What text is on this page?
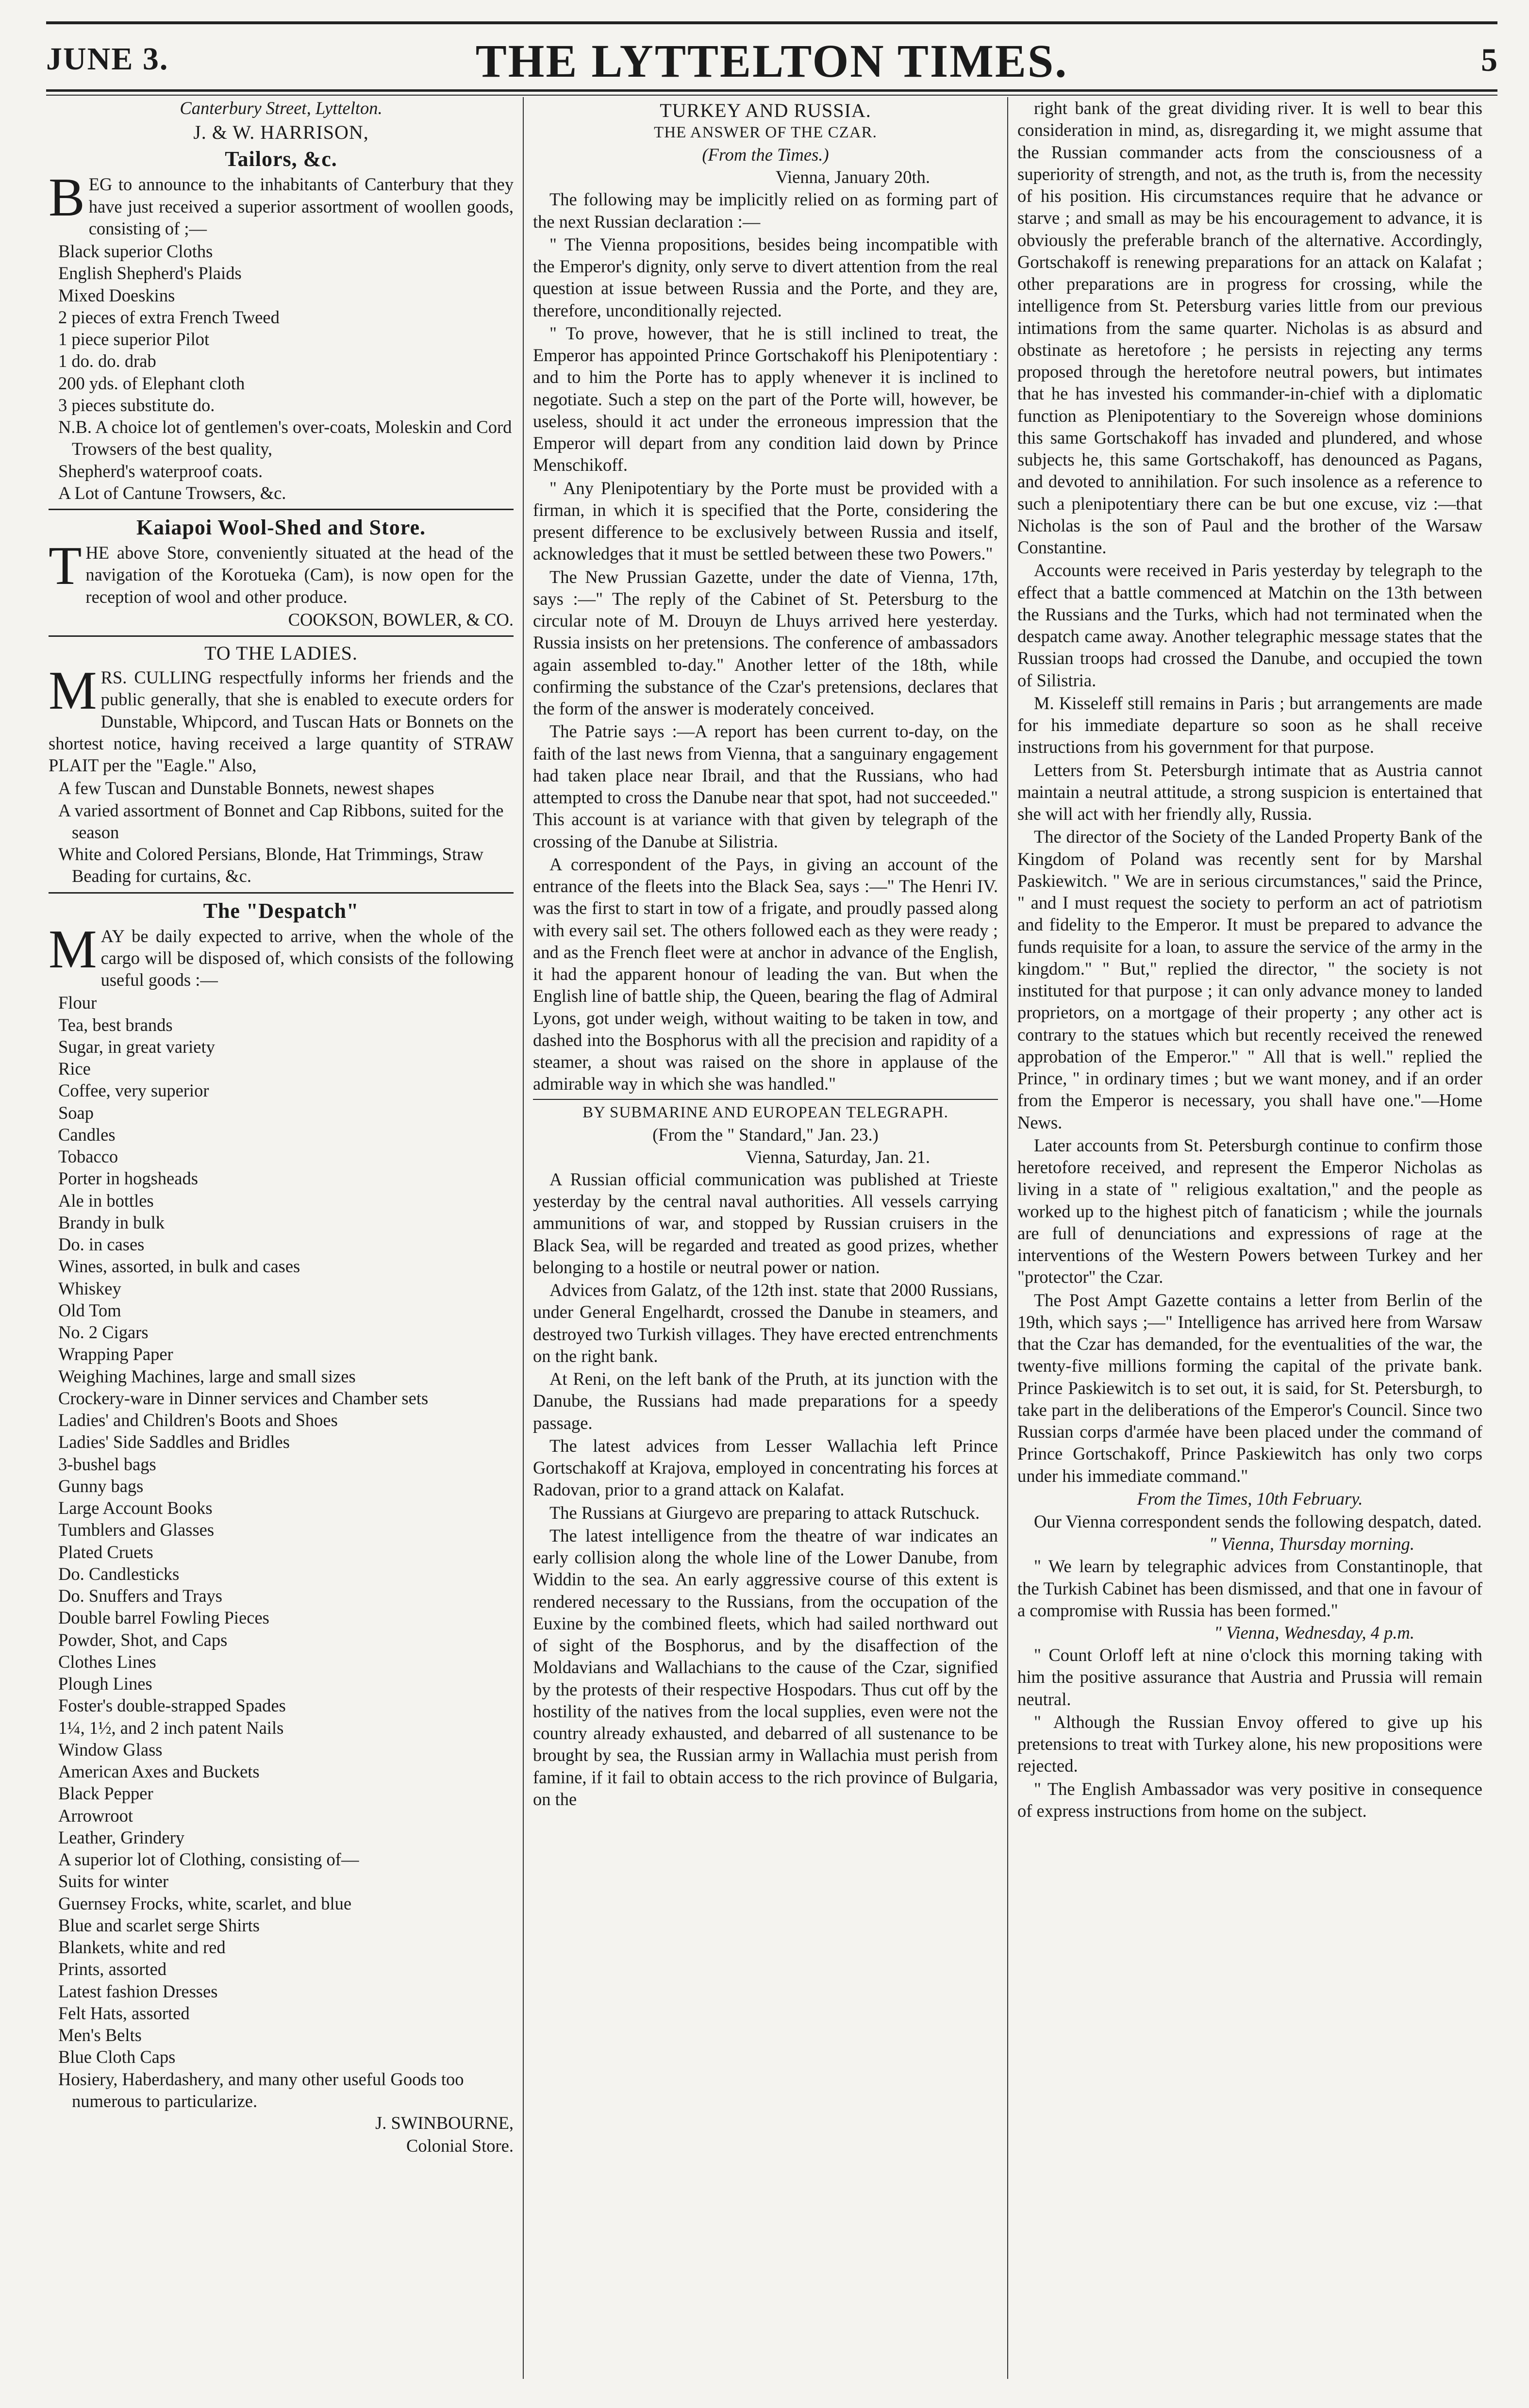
JUNE 3.	THE LYTTELTON TIMES.	5

Canterbury Street, Lyttelton.

J. & W. HARRISON,

Tailors, &c.

BEG to announce to the inhabitants of Canterbury that they have just received a superior assortment of woollen goods, consisting of ;—

Black superior Cloths
English Shepherd's Plaids
Mixed Doeskins
2 pieces of extra French Tweed
1 piece superior Pilot
1 do. do. drab
200 yds. of Elephant cloth
3 pieces substitute do.
N.B. A choice lot of gentlemen's over-coats, Moleskin and Cord Trowsers of the best quality,
Shepherd's waterproof coats.
A Lot of Cantune Trowsers, &c.

Kaiapoi Wool-Shed and Store.

THE above Store, conveniently situated at the head of the navigation of the Korotueka (Cam), is now open for the reception of wool and other produce.

COOKSON, BOWLER, & CO.

TO THE LADIES.

MRS. CULLING respectfully informs her friends and the public generally, that she is enabled to execute orders for Dunstable, Whipcord, and Tuscan Hats or Bonnets on the shortest notice, having received a large quantity of STRAW PLAIT per the "Eagle." Also,

A few Tuscan and Dunstable Bonnets, newest shapes
A varied assortment of Bonnet and Cap Ribbons, suited for the season
White and Colored Persians, Blonde, Hat Trimmings, Straw Beading for curtains, &c.

The "Despatch"

MAY be daily expected to arrive, when the whole of the cargo will be disposed of, which consists of the following useful goods :—

Flour
Tea, best brands
Sugar, in great variety
Rice
Coffee, very superior
Soap
Candles
Tobacco
Porter in hogsheads
Ale in bottles
Brandy in bulk
Do. in cases
Wines, assorted, in bulk and cases
Whiskey
Old Tom
No. 2 Cigars
Wrapping Paper
Weighing Machines, large and small sizes
Crockery-ware in Dinner services and Chamber sets
Ladies' and Children's Boots and Shoes
Ladies' Side Saddles and Bridles
3-bushel bags
Gunny bags
Large Account Books
Tumblers and Glasses
Plated Cruets
Do. Candlesticks
Do. Snuffers and Trays
Double barrel Fowling Pieces
Powder, Shot, and Caps
Clothes Lines
Plough Lines
Foster's double-strapped Spades
1¼, 1½, and 2 inch patent Nails
Window Glass
American Axes and Buckets
Black Pepper
Arrowroot
Leather, Grindery
A superior lot of Clothing, consisting of—
Suits for winter
Guernsey Frocks, white, scarlet, and blue
Blue and scarlet serge Shirts
Blankets, white and red
Prints, assorted
Latest fashion Dresses
Felt Hats, assorted
Men's Belts
Blue Cloth Caps
Hosiery, Haberdashery, and many other useful Goods too numerous to particularize.

J. SWINBOURNE,

Colonial Store.

TURKEY AND RUSSIA.

THE ANSWER OF THE CZAR.

(From the Times.)

Vienna, January 20th.

The following may be implicitly relied on as forming part of the next Russian declaration :—

" The Vienna propositions, besides being incompatible with the Emperor's dignity, only serve to divert attention from the real question at issue between Russia and the Porte, and they are, therefore, unconditionally rejected.

" To prove, however, that he is still inclined to treat, the Emperor has appointed Prince Gortschakoff his Plenipotentiary : and to him the Porte has to apply whenever it is inclined to negotiate. Such a step on the part of the Porte will, however, be useless, should it act under the erroneous impression that the Emperor will depart from any condition laid down by Prince Menschikoff.

" Any Plenipotentiary by the Porte must be provided with a firman, in which it is specified that the Porte, considering the present difference to be exclusively between Russia and itself, acknowledges that it must be settled between these two Powers."

The New Prussian Gazette, under the date of Vienna, 17th, says :—" The reply of the Cabinet of St. Petersburg to the circular note of M. Drouyn de Lhuys arrived here yesterday. Russia insists on her pretensions. The conference of ambassadors again assembled to-day." Another letter of the 18th, while confirming the substance of the Czar's pretensions, declares that the form of the answer is moderately conceived.

The Patrie says :—A report has been current to-day, on the faith of the last news from Vienna, that a sanguinary engagement had taken place near Ibrail, and that the Russians, who had attempted to cross the Danube near that spot, had not succeeded." This account is at variance with that given by telegraph of the crossing of the Danube at Silistria.

A correspondent of the Pays, in giving an account of the entrance of the fleets into the Black Sea, says :—" The Henri IV. was the first to start in tow of a frigate, and proudly passed along with every sail set. The others followed each as they were ready ; and as the French fleet were at anchor in advance of the English, it had the apparent honour of leading the van. But when the English line of battle ship, the Queen, bearing the flag of Admiral Lyons, got under weigh, without waiting to be taken in tow, and dashed into the Bosphorus with all the precision and rapidity of a steamer, a shout was raised on the shore in applause of the admirable way in which she was handled."

BY SUBMARINE AND EUROPEAN TELEGRAPH.

(From the " Standard," Jan. 23.)

Vienna, Saturday, Jan. 21.

A Russian official communication was published at Trieste yesterday by the central naval authorities. All vessels carrying ammunitions of war, and stopped by Russian cruisers in the Black Sea, will be regarded and treated as good prizes, whether belonging to a hostile or neutral power or nation.

Advices from Galatz, of the 12th inst. state that 2000 Russians, under General Engelhardt, crossed the Danube in steamers, and destroyed two Turkish villages. They have erected entrenchments on the right bank.

At Reni, on the left bank of the Pruth, at its junction with the Danube, the Russians had made preparations for a speedy passage.

The latest advices from Lesser Wallachia left Prince Gortschakoff at Krajova, employed in concentrating his forces at Radovan, prior to a grand attack on Kalafat.

The Russians at Giurgevo are preparing to attack Rutschuck.

The latest intelligence from the theatre of war indicates an early collision along the whole line of the Lower Danube, from Widdin to the sea. An early aggressive course of this extent is rendered necessary to the Russians, from the occupation of the Euxine by the combined fleets, which had sailed northward out of sight of the Bosphorus, and by the disaffection of the Moldavians and Wallachians to the cause of the Czar, signified by the protests of their respective Hospodars. Thus cut off by the hostility of the natives from the local supplies, even were not the country already exhausted, and debarred of all sustenance to be brought by sea, the Russian army in Wallachia must perish from famine, if it fail to obtain access to the rich province of Bulgaria, on the

right bank of the great dividing river. It is well to bear this consideration in mind, as, disregarding it, we might assume that the Russian commander acts from the consciousness of a superiority of strength, and not, as the truth is, from the necessity of his position. His circumstances require that he advance or starve ; and small as may be his encouragement to advance, it is obviously the preferable branch of the alternative. Accordingly, Gortschakoff is renewing preparations for an attack on Kalafat ; other preparations are in progress for crossing, while the intelligence from St. Petersburg varies little from our previous intimations from the same quarter. Nicholas is as absurd and obstinate as heretofore ; he persists in rejecting any terms proposed through the heretofore neutral powers, but intimates that he has invested his commander-in-chief with a diplomatic function as Plenipotentiary to the Sovereign whose dominions this same Gortschakoff has invaded and plundered, and whose subjects he, this same Gortschakoff, has denounced as Pagans, and devoted to annihilation. For such insolence as a reference to such a plenipotentiary there can be but one excuse, viz :—that Nicholas is the son of Paul and the brother of the Warsaw Constantine.

Accounts were received in Paris yesterday by telegraph to the effect that a battle commenced at Matchin on the 13th between the Russians and the Turks, which had not terminated when the despatch came away. Another telegraphic message states that the Russian troops had crossed the Danube, and occupied the town of Silistria.

M. Kisseleff still remains in Paris ; but arrangements are made for his immediate departure so soon as he shall receive instructions from his government for that purpose.

Letters from St. Petersburgh intimate that as Austria cannot maintain a neutral attitude, a strong suspicion is entertained that she will act with her friendly ally, Russia.

The director of the Society of the Landed Property Bank of the Kingdom of Poland was recently sent for by Marshal Paskiewitch. " We are in serious circumstances," said the Prince, " and I must request the society to perform an act of patriotism and fidelity to the Emperor. It must be prepared to advance the funds requisite for a loan, to assure the service of the army in the kingdom." " But," replied the director, " the society is not instituted for that purpose ; it can only advance money to landed proprietors, on a mortgage of their property ; any other act is contrary to the statues which but recently received the renewed approbation of the Emperor." " All that is well." replied the Prince, " in ordinary times ; but we want money, and if an order from the Emperor is necessary, you shall have one."—Home News.

Later accounts from St. Petersburgh continue to confirm those heretofore received, and represent the Emperor Nicholas as living in a state of " religious exaltation," and the people as worked up to the highest pitch of fanaticism ; while the journals are full of denunciations and expressions of rage at the interventions of the Western Powers between Turkey and her "protector" the Czar.

The Post Ampt Gazette contains a letter from Berlin of the 19th, which says ;—" Intelligence has arrived here from Warsaw that the Czar has demanded, for the eventualities of the war, the twenty-five millions forming the capital of the private bank. Prince Paskiewitch is to set out, it is said, for St. Petersburgh, to take part in the deliberations of the Emperor's Council. Since two Russian corps d'armée have been placed under the command of Prince Gortschakoff, Prince Paskiewitch has only two corps under his immediate command."

From the Times, 10th February.

Our Vienna correspondent sends the following despatch, dated.

" Vienna, Thursday morning.

" We learn by telegraphic advices from Constantinople, that the Turkish Cabinet has been dismissed, and that one in favour of a compromise with Russia has been formed."

" Vienna, Wednesday, 4 p.m.

" Count Orloff left at nine o'clock this morning taking with him the positive assurance that Austria and Prussia will remain neutral.

" Although the Russian Envoy offered to give up his pretensions to treat with Turkey alone, his new propositions were rejected.

" The English Ambassador was very positive in consequence of express instructions from home on the subject.
